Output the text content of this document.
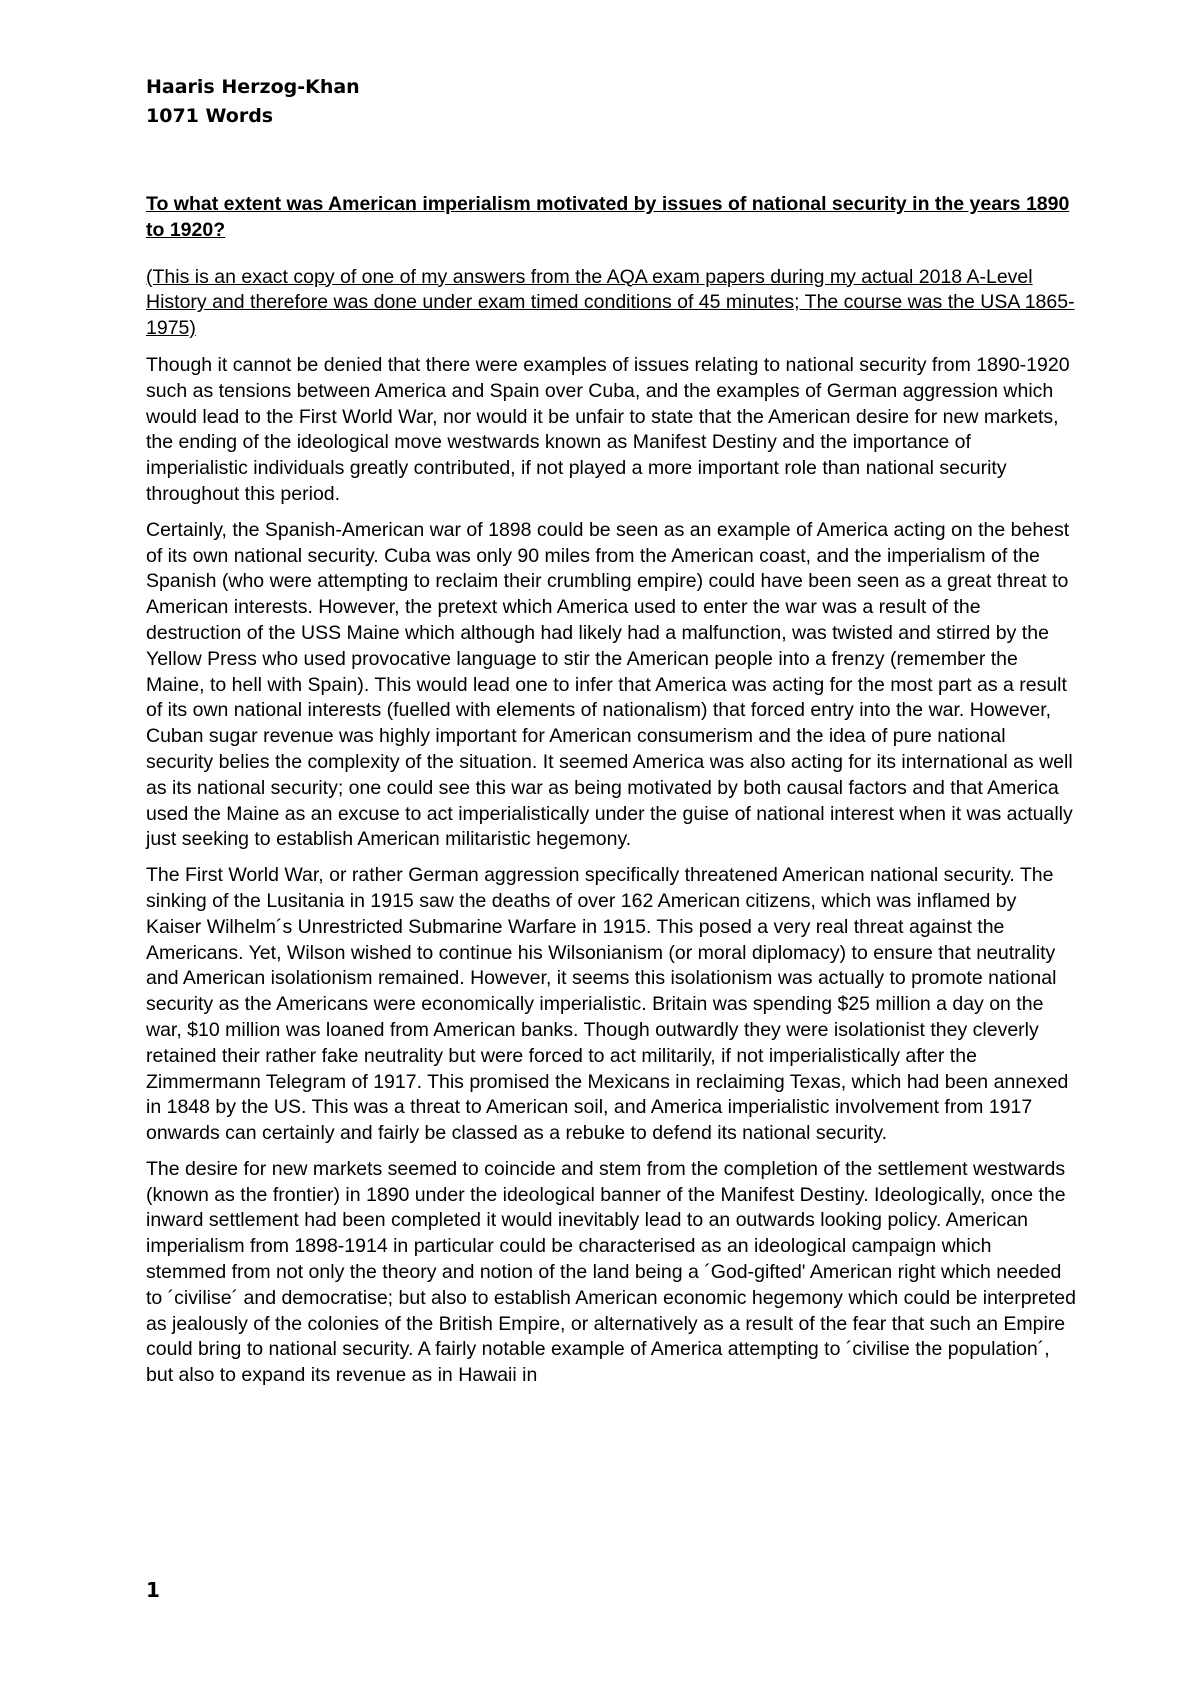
Haaris Herzog-Khan
1071 Words
To what extent was American imperialism motivated by issues of national security in the years 1890 to 1920?
(This is an exact copy of one of my answers from the AQA exam papers during my actual 2018 A-Level History and therefore was done under exam timed conditions of 45 minutes; The course was the USA 1865-1975)
Though it cannot be denied that there were examples of issues relating to national security from 1890-1920 such as tensions between America and Spain over Cuba, and the examples of German aggression which would lead to the First World War, nor would it be unfair to state that the American desire for new markets, the ending of the ideological move westwards known as Manifest Destiny and the importance of imperialistic individuals greatly contributed, if not played a more important role than national security throughout this period.
Certainly, the Spanish-American war of 1898 could be seen as an example of America acting on the behest of its own national security. Cuba was only 90 miles from the American coast, and the imperialism of the Spanish (who were attempting to reclaim their crumbling empire) could have been seen as a great threat to American interests. However, the pretext which America used to enter the war was a result of the destruction of the USS Maine which although had likely had a malfunction, was twisted and stirred by the Yellow Press who used provocative language to stir the American people into a frenzy (remember the Maine, to hell with Spain). This would lead one to infer that America was acting for the most part as a result of its own national interests (fuelled with elements of nationalism) that forced entry into the war. However, Cuban sugar revenue was highly important for American consumerism and the idea of pure national security belies the complexity of the situation. It seemed America was also acting for its international as well as its national security; one could see this war as being motivated by both causal factors and that America used the Maine as an excuse to act imperialistically under the guise of national interest when it was actually just seeking to establish American militaristic hegemony.
The First World War, or rather German aggression specifically threatened American national security. The sinking of the Lusitania in 1915 saw the deaths of over 162 American citizens, which was inflamed by Kaiser Wilhelm´s Unrestricted Submarine Warfare in 1915. This posed a very real threat against the Americans. Yet, Wilson wished to continue his Wilsonianism (or moral diplomacy) to ensure that neutrality and American isolationism remained. However, it seems this isolationism was actually to promote national security as the Americans were economically imperialistic. Britain was spending $25 million a day on the war, $10 million was loaned from American banks. Though outwardly they were isolationist they cleverly retained their rather fake neutrality but were forced to act militarily, if not imperialistically after the Zimmermann Telegram of 1917. This promised the Mexicans in reclaiming Texas, which had been annexed in 1848 by the US. This was a threat to American soil, and America imperialistic involvement from 1917 onwards can certainly and fairly be classed as a rebuke to defend its national security.
The desire for new markets seemed to coincide and stem from the completion of the settlement westwards (known as the frontier) in 1890 under the ideological banner of the Manifest Destiny. Ideologically, once the inward settlement had been completed it would inevitably lead to an outwards looking policy. American imperialism from 1898-1914 in particular could be characterised as an ideological campaign which stemmed from not only the theory and notion of the land being a ´God-gifted' American right which needed to ´civilise´ and democratise; but also to establish American economic hegemony which could be interpreted as jealously of the colonies of the British Empire, or alternatively as a result of the fear that such an Empire could bring to national security. A fairly notable example of America attempting to ´civilise the population´, but also to expand its revenue as in Hawaii in
1
